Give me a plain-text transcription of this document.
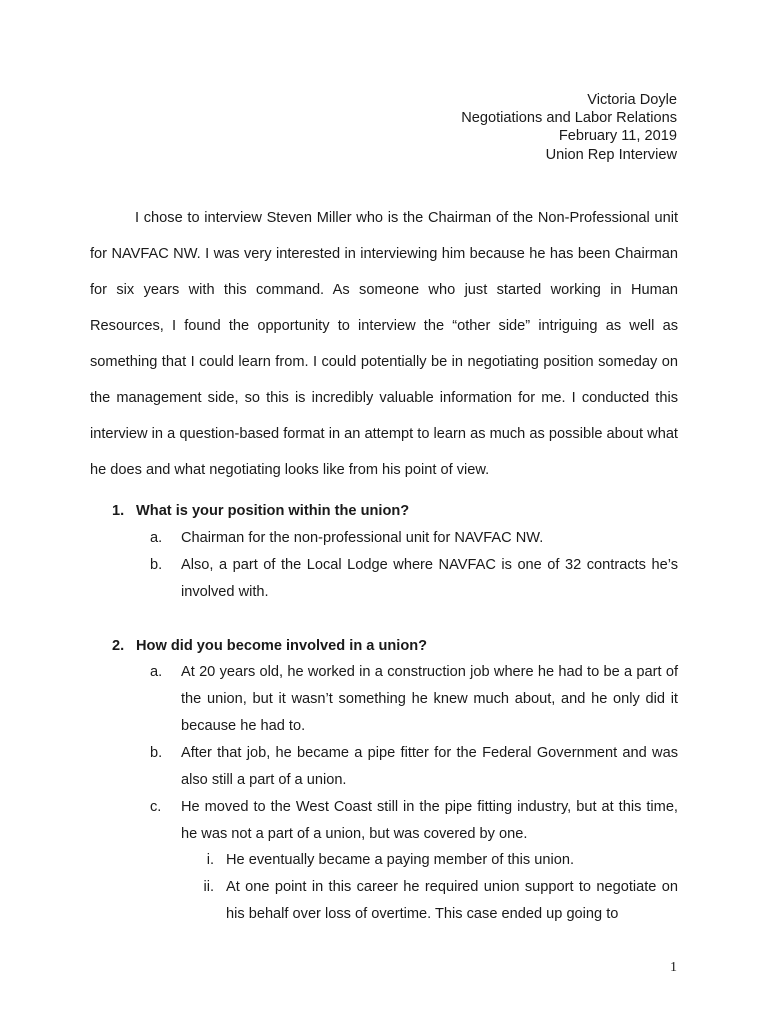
Victoria Doyle
Negotiations and Labor Relations
February 11, 2019
Union Rep Interview

I chose to interview Steven Miller who is the Chairman of the Non-Professional unit for NAVFAC NW. I was very interested in interviewing him because he has been Chairman for six years with this command. As someone who just started working in Human Resources, I found the opportunity to interview the “other side” intriguing as well as something that I could learn from. I could potentially be in negotiating position someday on the management side, so this is incredibly valuable information for me. I conducted this interview in a question-based format in an attempt to learn as much as possible about what he does and what negotiating looks like from his point of view.

1. What is your position within the union?
a.	Chairman for the non-professional unit for NAVFAC NW.
b.	Also, a part of the Local Lodge where NAVFAC is one of 32 contracts he’s involved with.
2. How did you become involved in a union?
a.	At 20 years old, he worked in a construction job where he had to be a part of the union, but it wasn’t something he knew much about, and he only did it because he had to.
b.	After that job, he became a pipe fitter for the Federal Government and was also still a part of a union.
c.	He moved to the West Coast still in the pipe fitting industry, but at this time, he was not a part of a union, but was covered by one.
i. He eventually became a paying member of this union.
ii. At one point in this career he required union support to negotiate on his behalf over loss of overtime. This case ended up going to
1
